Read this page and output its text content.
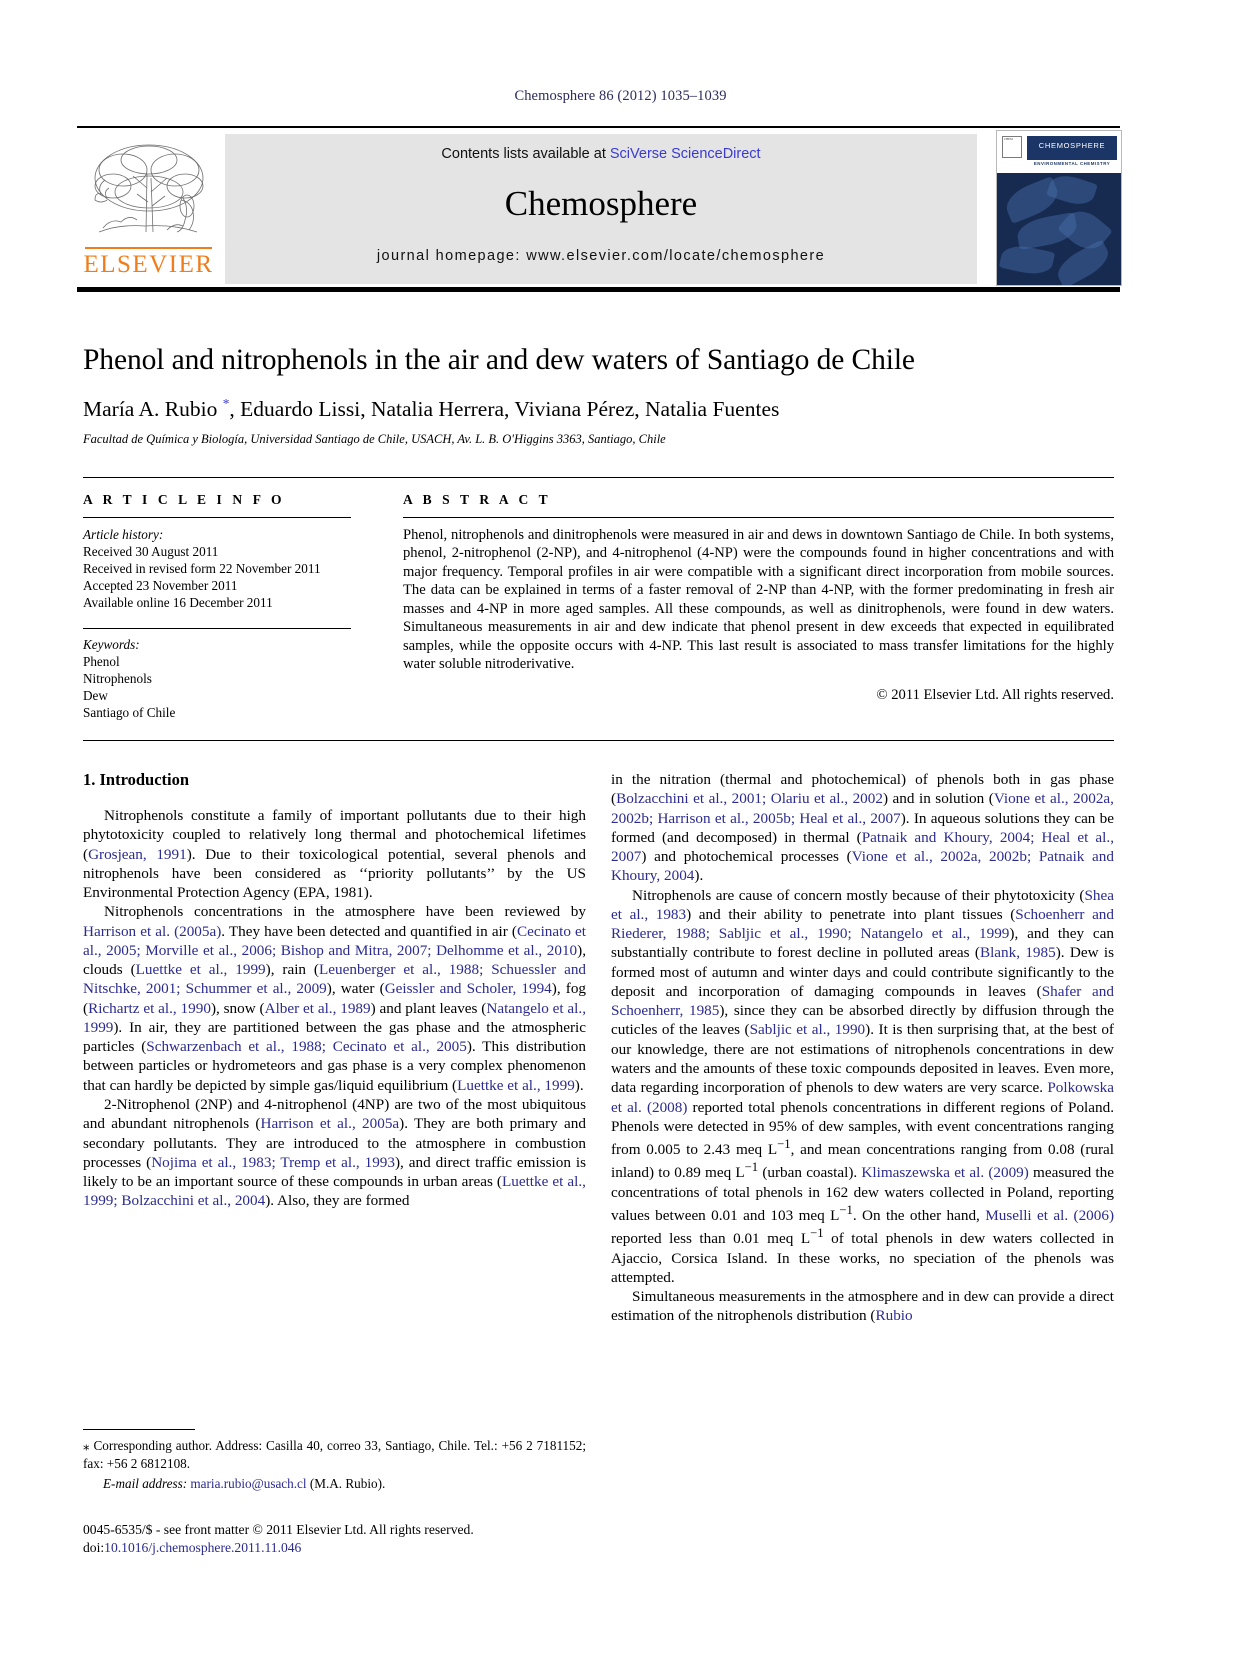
Chemosphere 86 (2012) 1035–1039
ELSEVIER
Contents lists available at SciVerse ScienceDirect
Chemosphere
journal homepage: www.elsevier.com/locate/chemosphere
CHEM
CHEMOSPHERE
ENVIRONMENTAL CHEMISTRY
Phenol and nitrophenols in the air and dew waters of Santiago de Chile
María A. Rubio *, Eduardo Lissi, Natalia Herrera, Viviana Pérez, Natalia Fuentes
Facultad de Química y Biología, Universidad Santiago de Chile, USACH, Av. L. B. O'Higgins 3363, Santiago, Chile
A R T I C L E I N F O
Article history:
Received 30 August 2011
Received in revised form 22 November 2011
Accepted 23 November 2011
Available online 16 December 2011
Keywords:
Phenol
Nitrophenols
Dew
Santiago of Chile
A B S T R A C T
Phenol, nitrophenols and dinitrophenols were measured in air and dews in downtown Santiago de Chile. In both systems, phenol, 2-nitrophenol (2-NP), and 4-nitrophenol (4-NP) were the compounds found in higher concentrations and with major frequency. Temporal profiles in air were compatible with a significant direct incorporation from mobile sources. The data can be explained in terms of a faster removal of 2-NP than 4-NP, with the former predominating in fresh air masses and 4-NP in more aged samples. All these compounds, as well as dinitrophenols, were found in dew waters. Simultaneous measurements in air and dew indicate that phenol present in dew exceeds that expected in equilibrated samples, while the opposite occurs with 4-NP. This last result is associated to mass transfer limitations for the highly water soluble nitroderivative.
© 2011 Elsevier Ltd. All rights reserved.
1. Introduction

Nitrophenols constitute a family of important pollutants due to their high phytotoxicity coupled to relatively long thermal and photochemical lifetimes (Grosjean, 1991). Due to their toxicological potential, several phenols and nitrophenols have been considered as ‘‘priority pollutants’’ by the US Environmental Protection Agency (EPA, 1981).

Nitrophenols concentrations in the atmosphere have been reviewed by Harrison et al. (2005a). They have been detected and quantified in air (Cecinato et al., 2005; Morville et al., 2006; Bishop and Mitra, 2007; Delhomme et al., 2010), clouds (Luettke et al., 1999), rain (Leuenberger et al., 1988; Schuessler and Nitschke, 2001; Schummer et al., 2009), water (Geissler and Scholer, 1994), fog (Richartz et al., 1990), snow (Alber et al., 1989) and plant leaves (Natangelo et al., 1999). In air, they are partitioned between the gas phase and the atmospheric particles (Schwarzenbach et al., 1988; Cecinato et al., 2005). This distribution between particles or hydrometeors and gas phase is a very complex phenomenon that can hardly be depicted by simple gas/liquid equilibrium (Luettke et al., 1999).

2-Nitrophenol (2NP) and 4-nitrophenol (4NP) are two of the most ubiquitous and abundant nitrophenols (Harrison et al., 2005a). They are both primary and secondary pollutants. They are introduced to the atmosphere in combustion processes (Nojima et al., 1983; Tremp et al., 1993), and direct traffic emission is likely to be an important source of these compounds in urban areas (Luettke et al., 1999; Bolzacchini et al., 2004). Also, they are formed

in the nitration (thermal and photochemical) of phenols both in gas phase (Bolzacchini et al., 2001; Olariu et al., 2002) and in solution (Vione et al., 2002a, 2002b; Harrison et al., 2005b; Heal et al., 2007). In aqueous solutions they can be formed (and decomposed) in thermal (Patnaik and Khoury, 2004; Heal et al., 2007) and photochemical processes (Vione et al., 2002a, 2002b; Patnaik and Khoury, 2004).

Nitrophenols are cause of concern mostly because of their phytotoxicity (Shea et al., 1983) and their ability to penetrate into plant tissues (Schoenherr and Riederer, 1988; Sabljic et al., 1990; Natangelo et al., 1999), and they can substantially contribute to forest decline in polluted areas (Blank, 1985). Dew is formed most of autumn and winter days and could contribute significantly to the deposit and incorporation of damaging compounds in leaves (Shafer and Schoenherr, 1985), since they can be absorbed directly by diffusion through the cuticles of the leaves (Sabljic et al., 1990). It is then surprising that, at the best of our knowledge, there are not estimations of nitrophenols concentrations in dew waters and the amounts of these toxic compounds deposited in leaves. Even more, data regarding incorporation of phenols to dew waters are very scarce. Polkowska et al. (2008) reported total phenols concentrations in different regions of Poland. Phenols were detected in 95% of dew samples, with event concentrations ranging from 0.005 to 2.43 meq $L^{-1}$, and mean concentrations ranging from 0.08 (rural inland) to 0.89 meq $L^{-1}$ (urban coastal). Klimaszewska et al. (2009) measured the concentrations of total phenols in 162 dew waters collected in Poland, reporting values between 0.01 and 103 meq $L^{-1}$. On the other hand, Muselli et al. (2006) reported less than 0.01 meq $L^{-1}$ of total phenols in dew waters collected in Ajaccio, Corsica Island. In these works, no speciation of the phenols was attempted.

Simultaneous measurements in the atmosphere and in dew can provide a direct estimation of the nitrophenols distribution (Rubio

⁎ Corresponding author. Address: Casilla 40, correo 33, Santiago, Chile. Tel.: +56 2 7181152; fax: +56 2 6812108.
E-mail address: maria.rubio@usach.cl (M.A. Rubio).
0045-6535/$ - see front matter © 2011 Elsevier Ltd. All rights reserved.
doi:10.1016/j.chemosphere.2011.11.046
